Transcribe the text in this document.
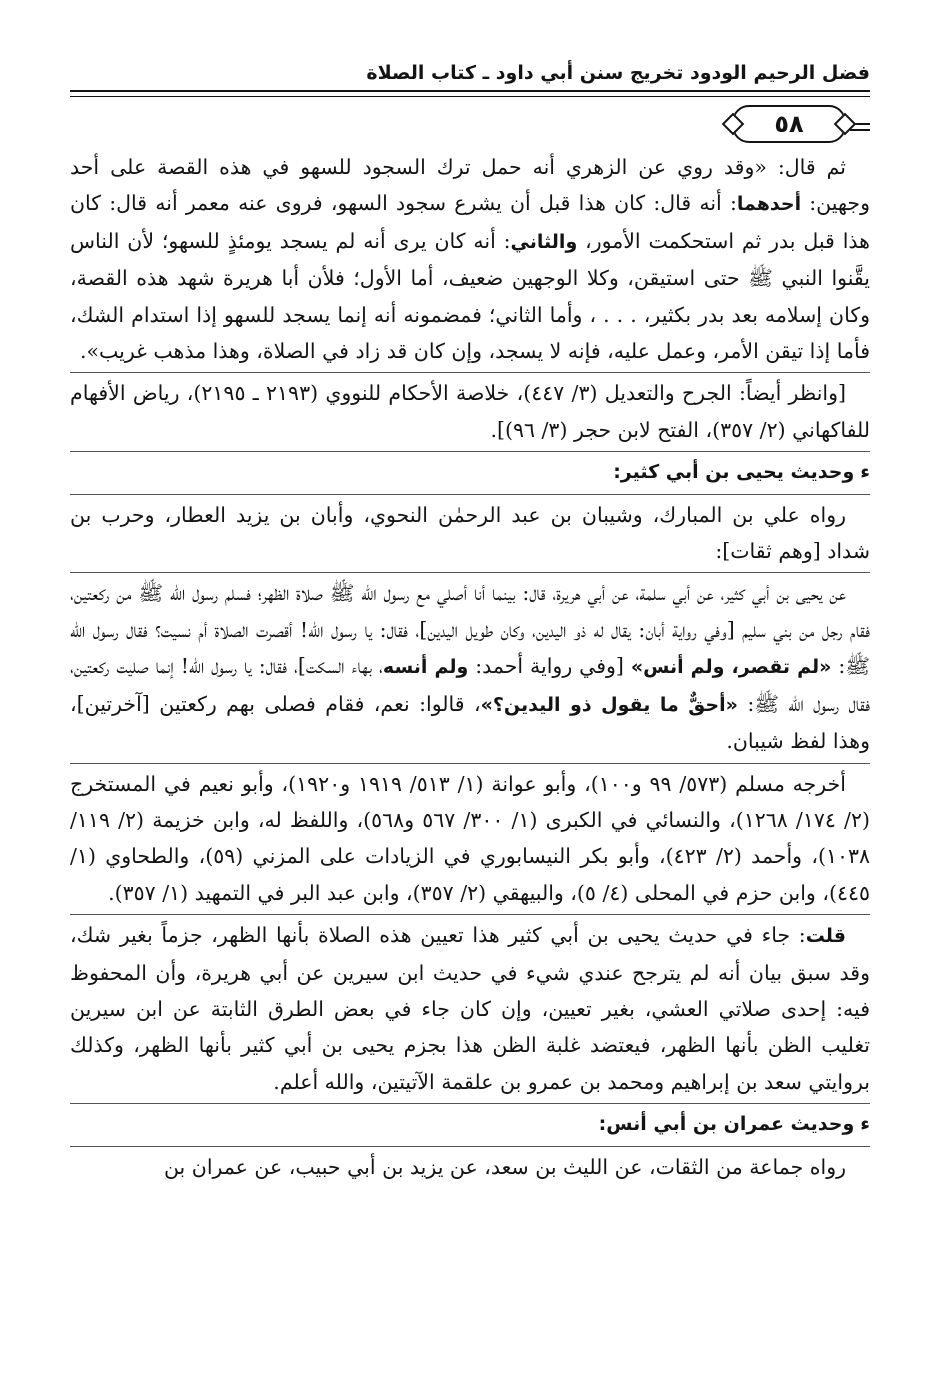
فضل الرحيم الودود تخريج سنن أبي داود ـ كتاب الصلاة
٥٨

ثم قال: «وقد روي عن الزهري أنه حمل ترك السجود للسهو في هذه القصة على أحد وجهين: أحدهما: أنه قال: كان هذا قبل أن يشرع سجود السهو، فروى عنه معمر أنه قال: كان هذا قبل بدر ثم استحكمت الأمور، والثاني: أنه كان يرى أنه لم يسجد يومئذٍ للسهو؛ لأن الناس يقَّنوا النبي ﷺ حتى استيقن، وكلا الوجهين ضعيف، أما الأول؛ فلأن أبا هريرة شهد هذه القصة، وكان إسلامه بعد بدر بكثير، . . . ، وأما الثاني؛ فمضمونه أنه إنما يسجد للسهو إذا استدام الشك، فأما إذا تيقن الأمر، وعمل عليه، فإنه لا يسجد، وإن كان قد زاد في الصلاة، وهذا مذهب غريب».

[وانظر أيضاً: الجرح والتعديل (٣/ ٤٤٧)، خلاصة الأحكام للنووي (٢١٩٣ ـ ٢١٩٥)، رياض الأفهام للفاكهاني (٢/ ٣٥٧)، الفتح لابن حجر (٣/ ٩٦)].

ءوحديث يحيى بن أبي كثير:

رواه علي بن المبارك، وشيبان بن عبد الرحمٰن النحوي، وأبان بن يزيد العطار، وحرب بن شداد [وهم ثقات]:

عن يحيى بن أبي كثير، عن أبي سلمة، عن أبي هريرة، قال: بينما أنا أصلي مع رسول الله ﷺ صلاة الظهر؛ فسلم رسول الله ﷺ من ركعتين، فقام رجل من بني سليم [وفي رواية أبان: يقال له ذو اليدين، وكان طويل اليدين]، فقال: يا رسول الله! أقصرت الصلاة أم نسيت؟ فقال رسول الله ﷺ: «لم تقصر، ولم أنس» [وفي رواية أحمد: ولم أنسه، بهاء السكت]، فقال: يا رسول الله! إنما صليت ركعتين، فقال رسول الله ﷺ: «أحقٌّ ما يقول ذو اليدين؟»، قالوا: نعم، فقام فصلى بهم ركعتين [آخرتين]، وهذا لفظ شيبان.

أخرجه مسلم (٥٧٣/ ٩٩ و١٠٠)، وأبو عوانة (١/ ٥١٣/ ١٩١٩ و١٩٢٠)، وأبو نعيم في المستخرج (٢/ ١٧٤/ ١٢٦٨)، والنسائي في الكبرى (١/ ٣٠٠/ ٥٦٧ و٥٦٨)، واللفظ له، وابن خزيمة (٢/ ١١٩/ ١٠٣٨)، وأحمد (٢/ ٤٢٣)، وأبو بكر النيسابوري في الزيادات على المزني (٥٩)، والطحاوي (١/ ٤٤٥)، وابن حزم في المحلى (٤/ ٥)، والبيهقي (٢/ ٣٥٧)، وابن عبد البر في التمهيد (١/ ٣٥٧).

قلت: جاء في حديث يحيى بن أبي كثير هذا تعيين هذه الصلاة بأنها الظهر، جزماً بغير شك، وقد سبق بيان أنه لم يترجح عندي شيء في حديث ابن سيرين عن أبي هريرة، وأن المحفوظ فيه: إحدى صلاتي العشي، بغير تعيين، وإن كان جاء في بعض الطرق الثابتة عن ابن سيرين تغليب الظن بأنها الظهر، فيعتضد غلبة الظن هذا بجزم يحيى بن أبي كثير بأنها الظهر، وكذلك بروايتي سعد بن إبراهيم ومحمد بن عمرو بن علقمة الآتيتين، والله أعلم.

ءوحديث عمران بن أبي أنس:

رواه جماعة من الثقات، عن الليث بن سعد، عن يزيد بن أبي حبيب، عن عمران بن
